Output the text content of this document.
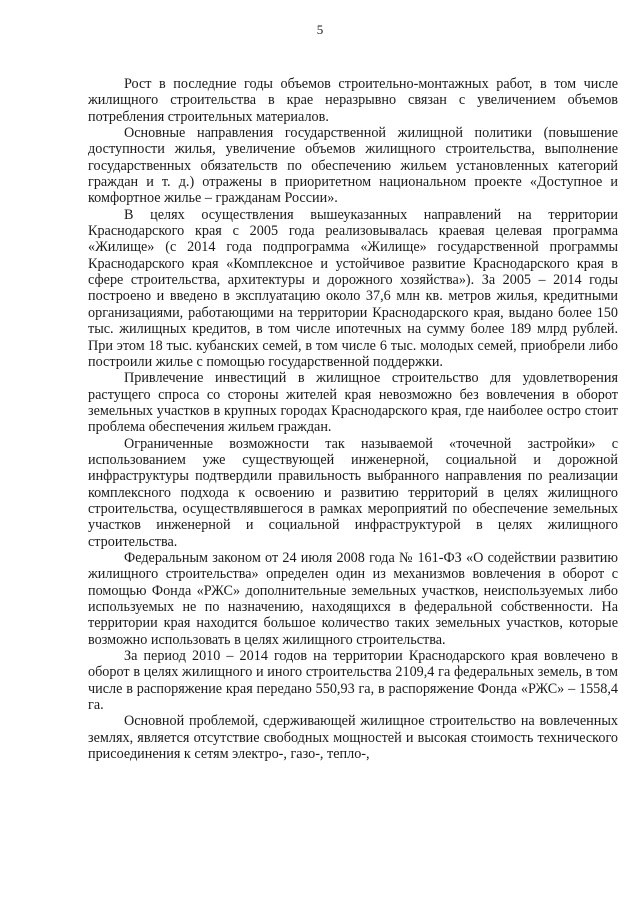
5

Рост в последние годы объемов строительно-монтажных работ, в том числе жилищного строительства в крае неразрывно связан с увеличением объемов потребления строительных материалов.

Основные направления государственной жилищной политики (повышение доступности жилья, увеличение объемов жилищного строительства, выполнение государственных обязательств по обеспечению жильем установленных категорий граждан и т. д.) отражены в приоритетном национальном проекте «Доступное и комфортное жилье – гражданам России».

В целях осуществления вышеуказанных направлений на территории Краснодарского края с 2005 года реализовывалась краевая целевая программа «Жилище» (с 2014 года подпрограмма «Жилище» государственной программы Краснодарского края «Комплексное и устойчивое развитие Краснодарского края в сфере строительства, архитектуры и дорожного хозяйства»). За 2005 – 2014 годы построено и введено в эксплуатацию около 37,6 млн кв. метров жилья, кредитными организациями, работающими на территории Краснодарского края, выдано более 150 тыс. жилищных кредитов, в том числе ипотечных на сумму более 189 млрд рублей. При этом 18 тыс. кубанских семей, в том числе 6 тыс. молодых семей, приобрели либо построили жилье с помощью государственной поддержки.

Привлечение инвестиций в жилищное строительство для удовлетворения растущего спроса со стороны жителей края невозможно без вовлечения в оборот земельных участков в крупных городах Краснодарского края, где наиболее остро стоит проблема обеспечения жильем граждан.

Ограниченные возможности так называемой «точечной застройки» с использованием уже существующей инженерной, социальной и дорожной инфраструктуры подтвердили правильность выбранного направления по реализации комплексного подхода к освоению и развитию территорий в целях жилищного строительства, осуществлявшегося в рамках мероприятий по обеспечение земельных участков инженерной и социальной инфраструктурой в целях жилищного строительства.

Федеральным законом от 24 июля 2008 года № 161-ФЗ «О содействии развитию жилищного строительства» определен один из механизмов вовлечения в оборот с помощью Фонда «РЖС» дополнительные земельных участков, неиспользуемых либо используемых не по назначению, находящихся в федеральной собственности. На территории края находится большое количество таких земельных участков, которые возможно использовать в целях жилищного строительства.

За период 2010 – 2014 годов на территории Краснодарского края вовлечено в оборот в целях жилищного и иного строительства 2109,4 га федеральных земель, в том числе в распоряжение края передано 550,93 га, в распоряжение Фонда «РЖС» – 1558,4 га.

Основной проблемой, сдерживающей жилищное строительство на вовлеченных землях, является отсутствие свободных мощностей и высокая стоимость технического присоединения к сетям электро-, газо-, тепло-,
